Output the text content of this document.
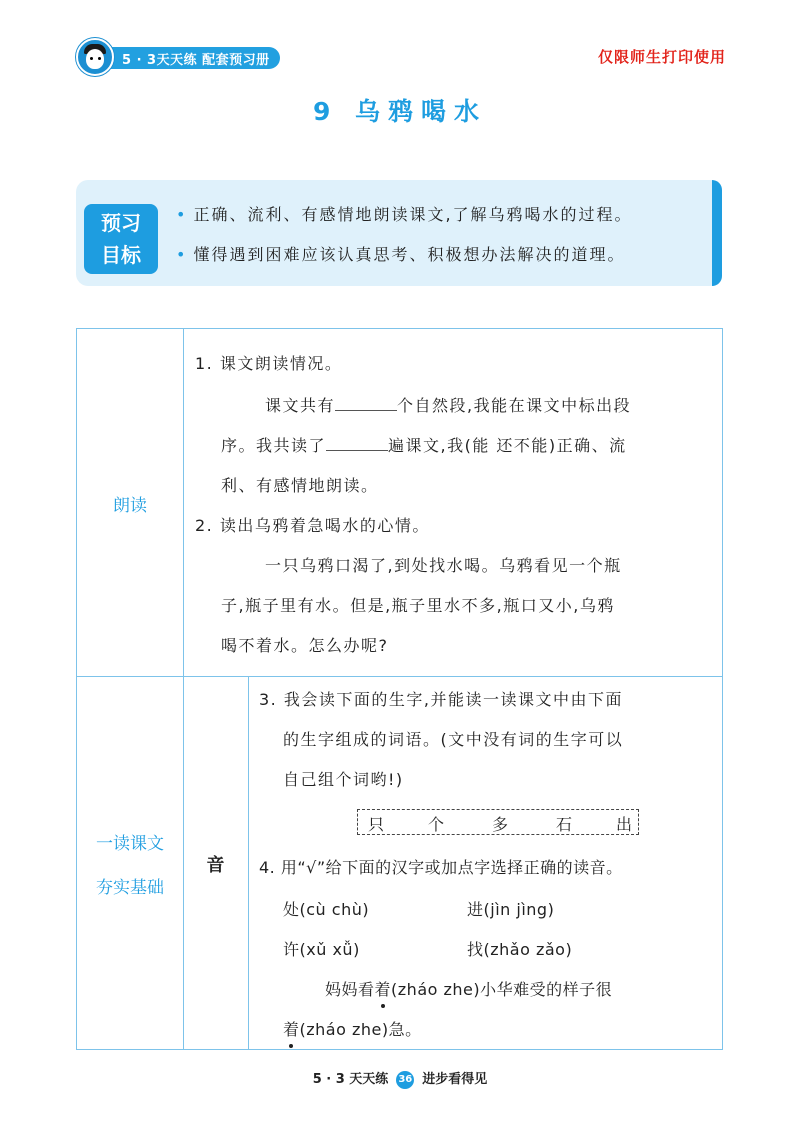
5 · 3天天练 配套预习册	仅限师生打印使用
9 乌鸦喝水
预习
目标
• 正确、流利、有感情地朗读课文,了解乌鸦喝水的过程。
• 懂得遇到困难应该认真思考、积极想办法解决的道理。
朗读
1. 课文朗读情况。
课文共有	个自然段,我能在课文中标出段
序。我共读了	遍课文,我(能 还不能)正确、流
利、有感情地朗读。
2. 读出乌鸦着急喝水的心情。
一只乌鸦口渴了,到处找水喝。乌鸦看见一个瓶
子,瓶子里有水。但是,瓶子里水不多,瓶口又小,乌鸦
喝不着水。怎么办呢?
一读课文
夯实基础
音
3. 我会读下面的生字,并能读一读课文中由下面
的生字组成的词语。(文中没有词的生字可以
自己组个词哟!)
只	个	多	石	出
4. 用“√”给下面的汉字或加点字选择正确的读音。
处(cù chù)	进(jìn jìng)
许(xǔ xǚ)	找(zhǎo zǎo)
妈妈看着(zháo zhe)小华难受的样子很
着(zháo zhe)急。
5 · 3 天天练 36 进步看得见
